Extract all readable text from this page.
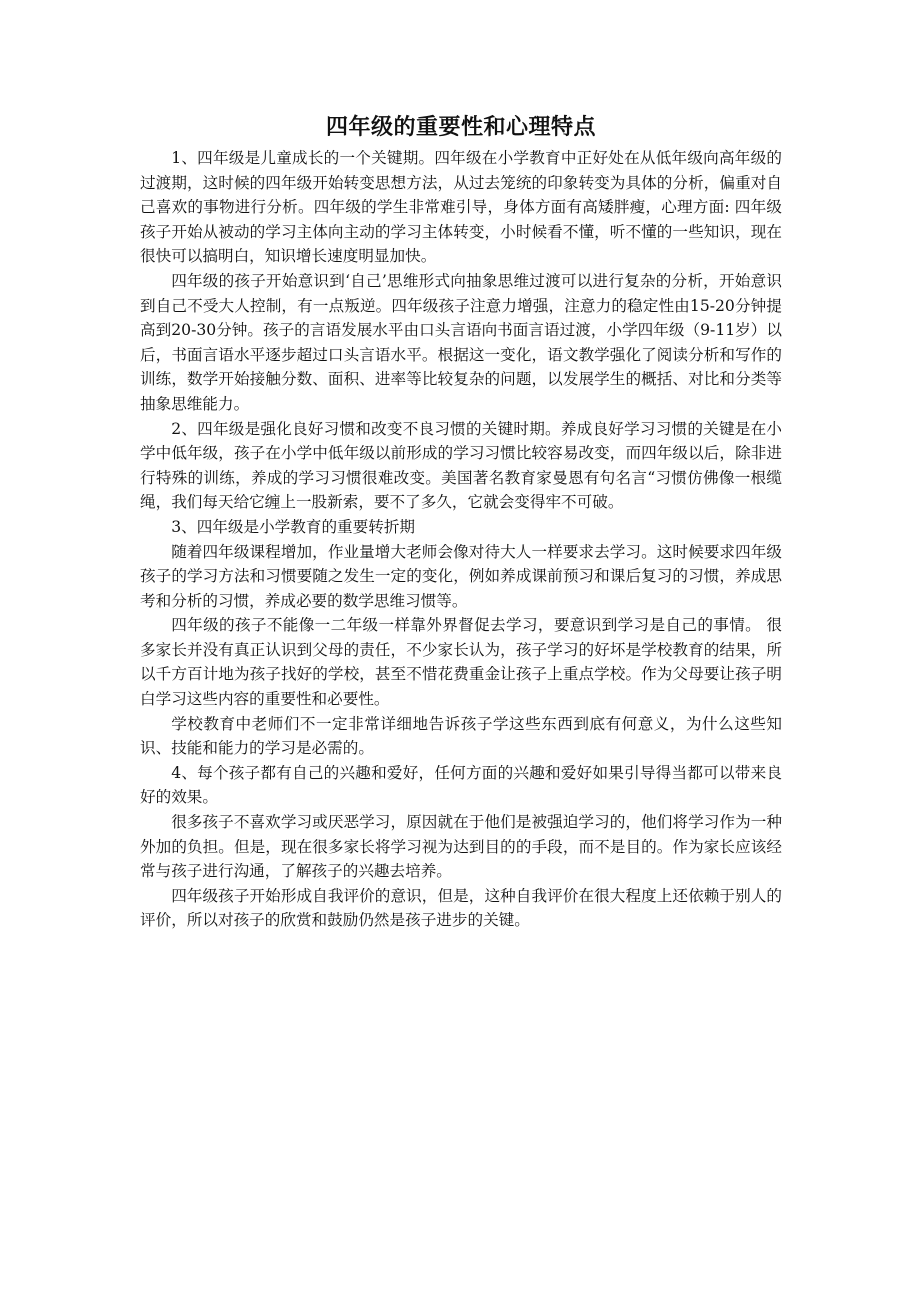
四年级的重要性和心理特点

1、四年级是儿童成长的一个关键期。四年级在小学教育中正好处在从低年级向高年级的过渡期，这时候的四年级开始转变思想方法，从过去笼统的印象转变为具体的分析，偏重对自己喜欢的事物进行分析。四年级的学生非常难引导，身体方面有高矮胖瘦，心理方面: 四年级孩子开始从被动的学习主体向主动的学习主体转变，小时候看不懂，听不懂的一些知识，现在很快可以搞明白，知识增长速度明显加快。

四年级的孩子开始意识到‘自己’思维形式向抽象思维过渡可以进行复杂的分析，开始意识到自己不受大人控制，有一点叛逆。四年级孩子注意力增强，注意力的稳定性由15-20分钟提高到20-30分钟。孩子的言语发展水平由口头言语向书面言语过渡，小学四年级（9-11岁）以后，书面言语水平逐步超过口头言语水平。根据这一变化，语文教学强化了阅读分析和写作的训练，数学开始接触分数、面积、进率等比较复杂的问题，以发展学生的概括、对比和分类等抽象思维能力。

2、四年级是强化良好习惯和改变不良习惯的关键时期。养成良好学习习惯的关键是在小学中低年级，孩子在小学中低年级以前形成的学习习惯比较容易改变，而四年级以后，除非进行特殊的训练，养成的学习习惯很难改变。美国著名教育家曼恩有句名言“习惯仿佛像一根缆绳，我们每天给它缠上一股新索，要不了多久，它就会变得牢不可破。

3、四年级是小学教育的重要转折期

随着四年级课程增加，作业量增大老师会像对待大人一样要求去学习。这时候要求四年级孩子的学习方法和习惯要随之发生一定的变化，例如养成课前预习和课后复习的习惯，养成思考和分析的习惯，养成必要的数学思维习惯等。

四年级的孩子不能像一二年级一样靠外界督促去学习，要意识到学习是自己的事情。 很多家长并没有真正认识到父母的责任，不少家长认为，孩子学习的好坏是学校教育的结果，所以千方百计地为孩子找好的学校，甚至不惜花费重金让孩子上重点学校。作为父母要让孩子明白学习这些内容的重要性和必要性。

学校教育中老师们不一定非常详细地告诉孩子学这些东西到底有何意义，为什么这些知识、技能和能力的学习是必需的。

4、每个孩子都有自己的兴趣和爱好，任何方面的兴趣和爱好如果引导得当都可以带来良好的效果。

很多孩子不喜欢学习或厌恶学习，原因就在于他们是被强迫学习的，他们将学习作为一种外加的负担。但是，现在很多家长将学习视为达到目的的手段，而不是目的。作为家长应该经常与孩子进行沟通，了解孩子的兴趣去培养。

四年级孩子开始形成自我评价的意识，但是，这种自我评价在很大程度上还依赖于别人的评价，所以对孩子的欣赏和鼓励仍然是孩子进步的关键。
